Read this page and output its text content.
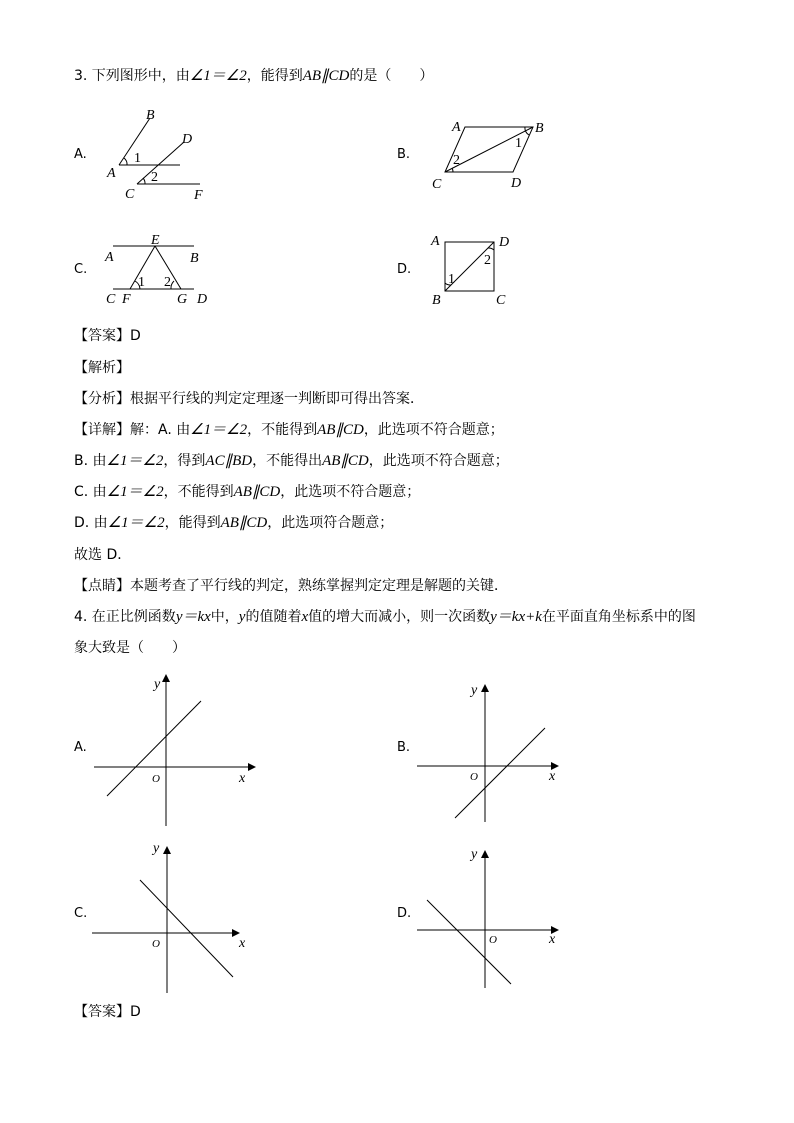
3. 下列图形中，由∠1＝∠2，能得到AB∥CD的是（　　）
A.	B.
C.	D.
B
D
A
C	F
1
2
A	B
C	D
1
2
E
A	B
C F	G D
1 2
A	D
B	C
1
2
【答案】D
【解析】
【分析】根据平行线的判定定理逐一判断即可得出答案．
【详解】解：A. 由∠1＝∠2，不能得到AB∥CD，此选项不符合题意；
B. 由∠1＝∠2，得到AC∥BD，不能得出AB∥CD，此选项不符合题意；
C. 由∠1＝∠2，不能得到AB∥CD，此选项不符合题意；
D. 由∠1＝∠2，能得到AB∥CD，此选项符合题意；
故选 D．
【点睛】本题考查了平行线的判定，熟练掌握判定定理是解题的关键．
4. 在正比例函数y＝kx中，y的值随着x值的增大而减小，则一次函数y＝kx+k在平面直角坐标系中的图
象大致是（　　）
A.	B.
C.	D.
y
x
O
y
x
O
y
x
O
y
x
O
【答案】D
